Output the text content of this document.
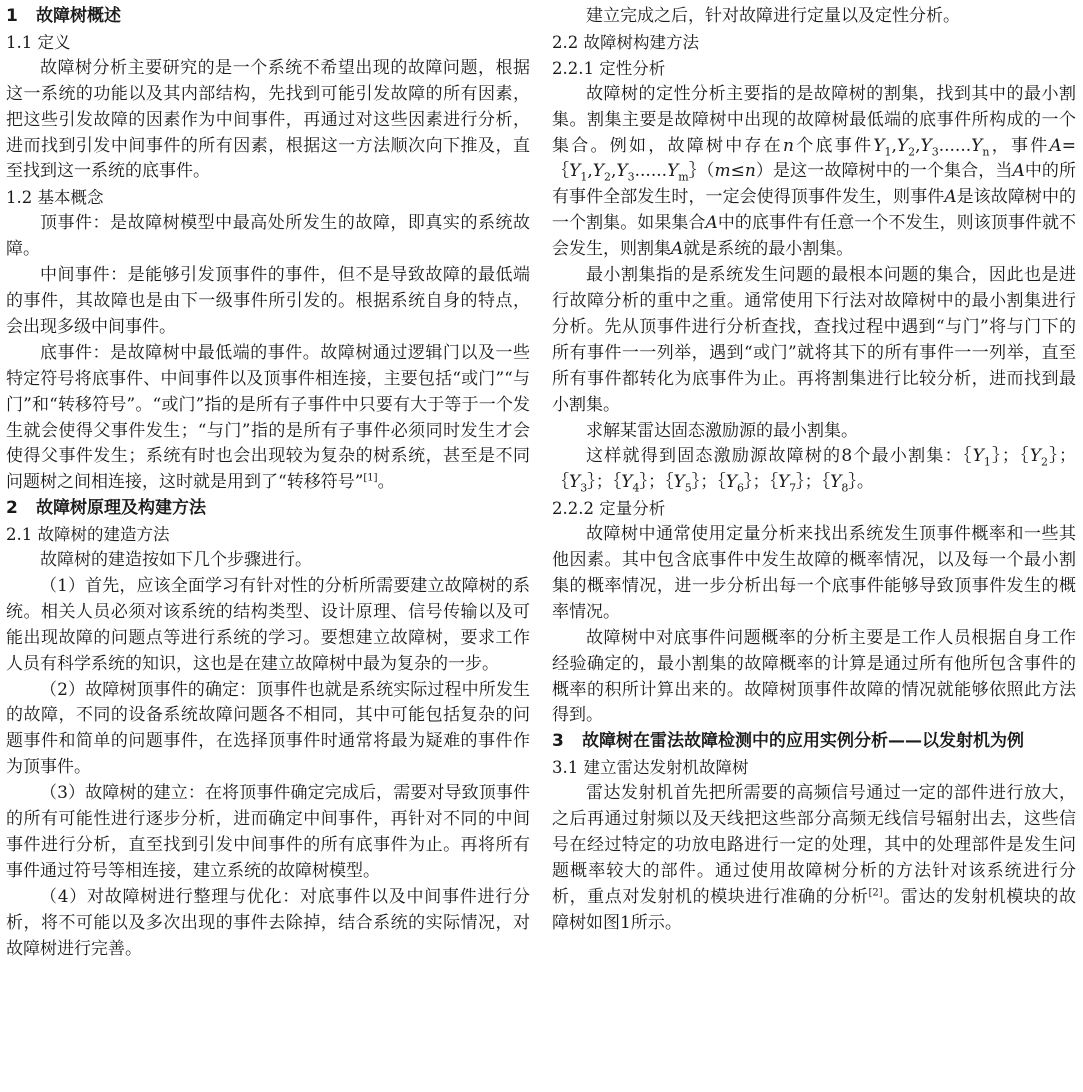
1 故障树概述
1.1 定义
故障树分析主要研究的是一个系统不希望出现的故障问题，根据这一系统的功能以及其内部结构，先找到可能引发故障的所有因素，把这些引发故障的因素作为中间事件，再通过对这些因素进行分析，进而找到引发中间事件的所有因素，根据这一方法顺次向下推及，直至找到这一系统的底事件。
1.2 基本概念
顶事件：是故障树模型中最高处所发生的故障，即真实的系统故障。
中间事件：是能够引发顶事件的事件，但不是导致故障的最低端的事件，其故障也是由下一级事件所引发的。根据系统自身的特点，会出现多级中间事件。
底事件：是故障树中最低端的事件。故障树通过逻辑门以及一些特定符号将底事件、中间事件以及顶事件相连接，主要包括“或门”“与门”和“转移符号”。“或门”指的是所有子事件中只要有大于等于一个发生就会使得父事件发生；“与门”指的是所有子事件必须同时发生才会使得父事件发生；系统有时也会出现较为复杂的树系统，甚至是不同问题树之间相连接，这时就是用到了“转移符号”[1]。
2 故障树原理及构建方法
2.1 故障树的建造方法
故障树的建造按如下几个步骤进行。
（1）首先，应该全面学习有针对性的分析所需要建立故障树的系统。相关人员必须对该系统的结构类型、设计原理、信号传输以及可能出现故障的问题点等进行系统的学习。要想建立故障树，要求工作人员有科学系统的知识，这也是在建立故障树中最为复杂的一步。
（2）故障树顶事件的确定：顶事件也就是系统实际过程中所发生的故障，不同的设备系统故障问题各不相同，其中可能包括复杂的问题事件和简单的问题事件，在选择顶事件时通常将最为疑难的事件作为顶事件。
（3）故障树的建立：在将顶事件确定完成后，需要对导致顶事件的所有可能性进行逐步分析，进而确定中间事件，再针对不同的中间事件进行分析，直至找到引发中间事件的所有底事件为止。再将所有事件通过符号等相连接，建立系统的故障树模型。
（4）对故障树进行整理与优化：对底事件以及中间事件进行分析，将不可能以及多次出现的事件去除掉，结合系统的实际情况，对故障树进行完善。
建立完成之后，针对故障进行定量以及定性分析。
2.2 故障树构建方法
2.2.1 定性分析
故障树的定性分析主要指的是故障树的割集，找到其中的最小割集。割集主要是故障树中出现的故障树最低端的底事件所构成的一个集合。例如，故障树中存在n个底事件$Y_1,Y_2,Y_3......Y_n$，事件$A=\{Y_1,Y_2,Y_3......Y_m\}(m\le n)$是这一故障树中的一个集合，当A中的所有事件全部发生时，一定会使得顶事件发生，则事件A是该故障树中的一个割集。如果集合A中的底事件有任意一个不发生，则该顶事件就不会发生，则割集A就是系统的最小割集。
最小割集指的是系统发生问题的最根本问题的集合，因此也是进行故障分析的重中之重。通常使用下行法对故障树中的最小割集进行分析。先从顶事件进行分析查找，查找过程中遇到“与门”将与门下的所有事件一一列举，遇到“或门”就将其下的所有事件一一列举，直至所有事件都转化为底事件为止。再将割集进行比较分析，进而找到最小割集。
求解某雷达固态激励源的最小割集。
这样就得到固态激励源故障树的8个最小割集：$\{Y_1\}$；$\{Y_2\}$；$\{Y_3\}$；$\{Y_4\}$；$\{Y_5\}$；$\{Y_6\}$；$\{Y_7\}$；$\{Y_8\}$。
2.2.2 定量分析
故障树中通常使用定量分析来找出系统发生顶事件概率和一些其他因素。其中包含底事件中发生故障的概率情况，以及每一个最小割集的概率情况，进一步分析出每一个底事件能够导致顶事件发生的概率情况。
故障树中对底事件问题概率的分析主要是工作人员根据自身工作经验确定的，最小割集的故障概率的计算是通过所有他所包含事件的概率的积所计算出来的。故障树顶事件故障的情况就能够依照此方法得到。
3 故障树在雷法故障检测中的应用实例分析——以发射机为例
3.1 建立雷达发射机故障树
雷达发射机首先把所需要的高频信号通过一定的部件进行放大，之后再通过射频以及天线把这些部分高频无线信号辐射出去，这些信号在经过特定的功放电路进行一定的处理，其中的处理部件是发生问题概率较大的部件。通过使用故障树分析的方法针对该系统进行分析，重点对发射机的模块进行准确的分析[2]。雷达的发射机模块的故障树如图1所示。
